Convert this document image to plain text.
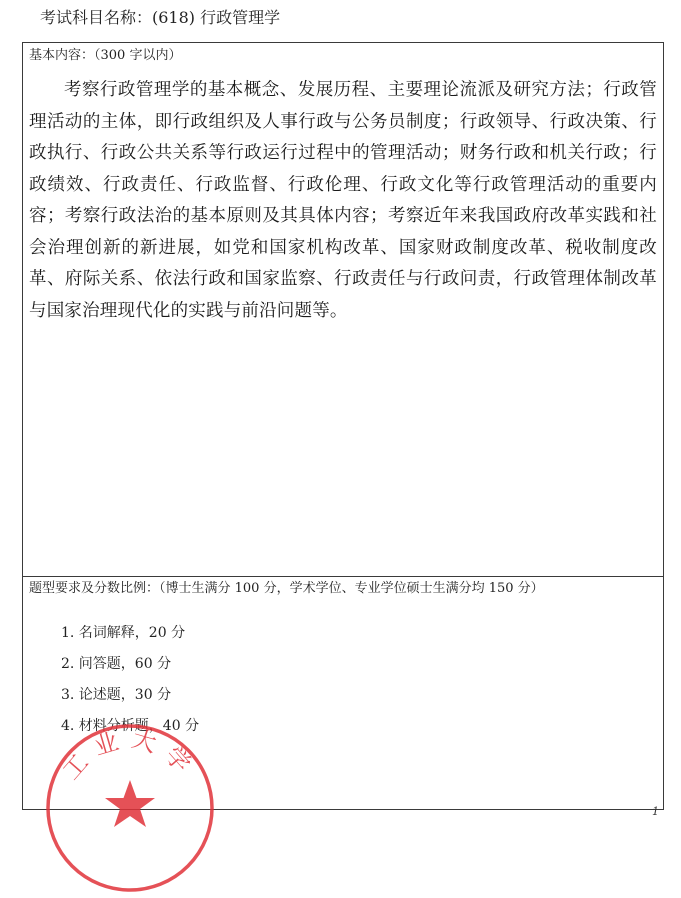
考试科目名称：(618) 行政管理学
基本内容：（300 字以内）

考察行政管理学的基本概念、发展历程、主要理论流派及研究方法；行政管理活动的主体，即行政组织及人事行政与公务员制度；行政领导、行政决策、行政执行、行政公共关系等行政运行过程中的管理活动；财务行政和机关行政；行政绩效、行政责任、行政监督、行政伦理、行政文化等行政管理活动的重要内容；考察行政法治的基本原则及其具体内容；考察近年来我国政府改革实践和社会治理创新的新进展，如党和国家机构改革、国家财政制度改革、税收制度改革、府际关系、依法行政和国家监察、行政责任与行政问责，行政管理体制改革与国家治理现代化的实践与前沿问题等。

题型要求及分数比例：（博士生满分 100 分，学术学位、专业学位硕士生满分均 150 分）
1. 名词解释，20 分
2. 问答题，60 分
3. 论述题，30 分
4. 材料分析题，40 分
工业大学
1
